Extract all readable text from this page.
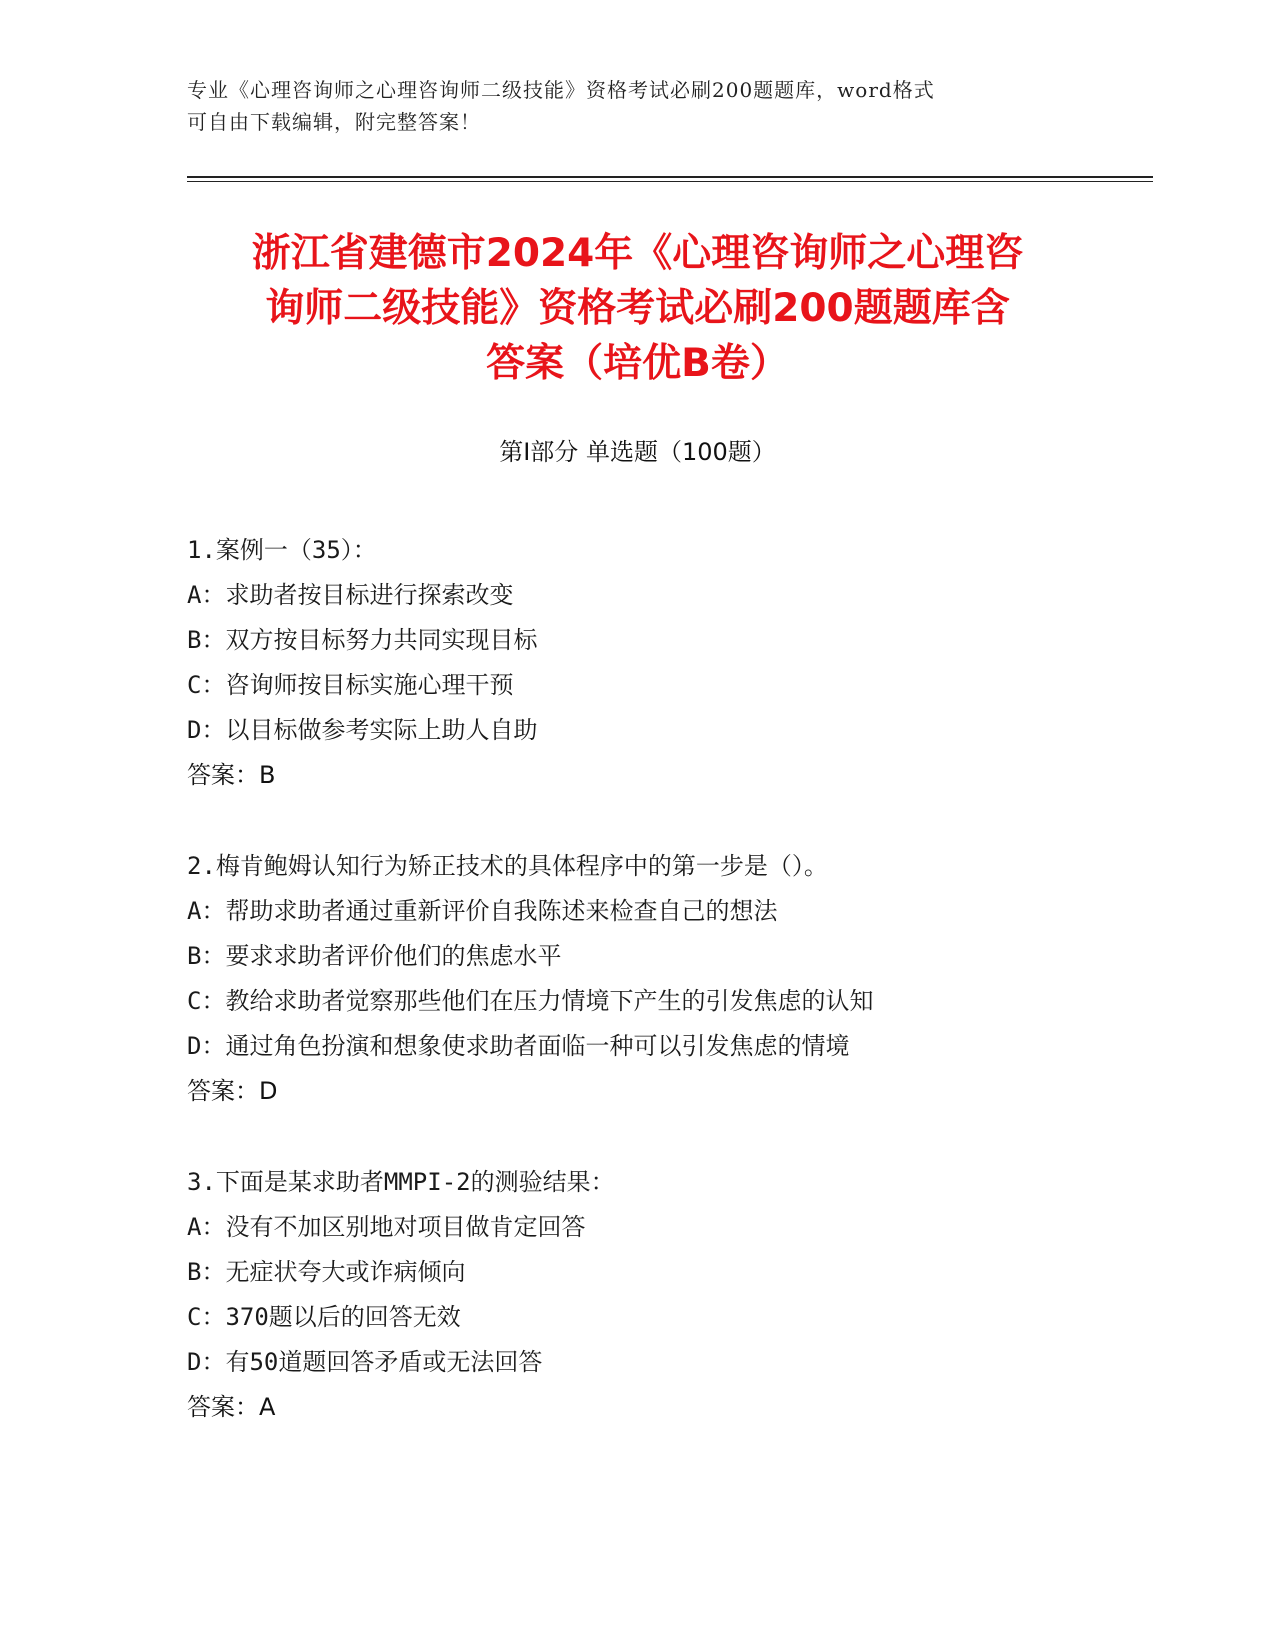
专业《心理咨询师之心理咨询师二级技能》资格考试必刷200题题库，word格式
可自由下载编辑，附完整答案！
浙江省建德市2024年《心理咨询师之心理咨
询师二级技能》资格考试必刷200题题库含
答案（培优B卷）
第Ⅰ部分 单选题（100题）
1.案例一（35）：
A：求助者按目标进行探索改变
B：双方按目标努力共同实现目标
C：咨询师按目标实施心理干预
D：以目标做参考实际上助人自助
答案：B
2.梅肯鲍姆认知行为矫正技术的具体程序中的第一步是（）。
A：帮助求助者通过重新评价自我陈述来检查自己的想法
B：要求求助者评价他们的焦虑水平
C：教给求助者觉察那些他们在压力情境下产生的引发焦虑的认知
D：通过角色扮演和想象使求助者面临一种可以引发焦虑的情境
答案：D
3.下面是某求助者MMPI-2的测验结果：
A：没有不加区别地对项目做肯定回答
B：无症状夸大或诈病倾向
C：370题以后的回答无效
D：有50道题回答矛盾或无法回答
答案：A
